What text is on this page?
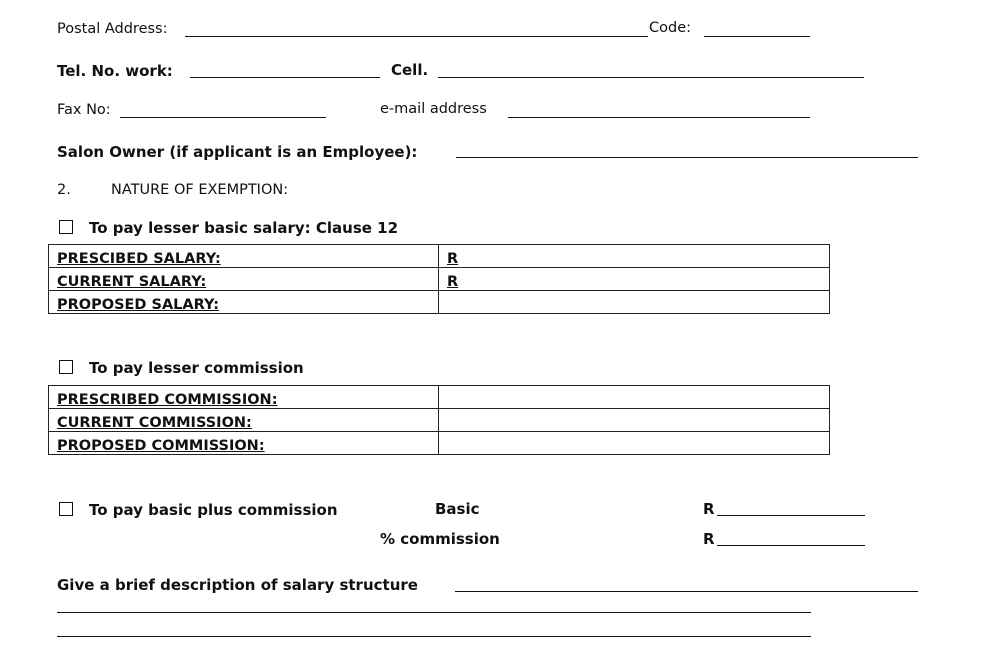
Postal Address:	Code:
Tel. No. work:	Cell.
Fax No:	e-mail address
Salon Owner (if applicant is an Employee):
2.	NATURE OF EXEMPTION:
To pay lesser basic salary: Clause 12
PRESCIBED SALARY:	R
CURRENT SALARY:	R
PROPOSED SALARY:	
To pay lesser commission
PRESCRIBED COMMISSION:	
CURRENT COMMISSION:	
PROPOSED COMMISSION:	
To pay basic plus commission	Basic	R
% commission	R
Give a brief description of salary structure
